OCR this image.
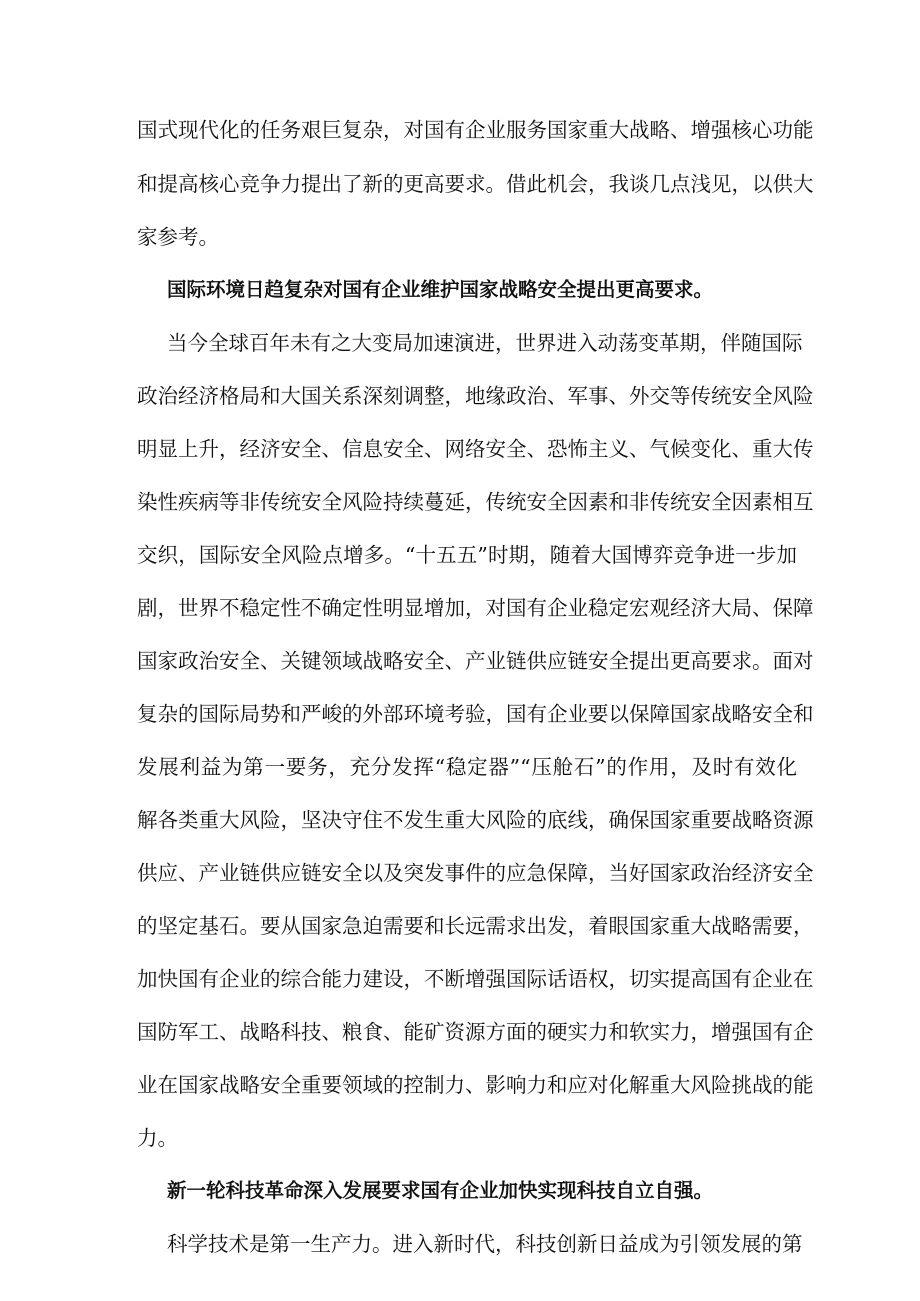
国式现代化的任务艰巨复杂，对国有企业服务国家重大战略、增强核心功能

和提高核心竞争力提出了新的更高要求。借此机会，我谈几点浅见，以供大

家参考。

国际环境日趋复杂对国有企业维护国家战略安全提出更高要求。

当今全球百年未有之大变局加速演进，世界进入动荡变革期，伴随国际

政治经济格局和大国关系深刻调整，地缘政治、军事、外交等传统安全风险

明显上升，经济安全、信息安全、网络安全、恐怖主义、气候变化、重大传

染性疾病等非传统安全风险持续蔓延，传统安全因素和非传统安全因素相互

交织，国际安全风险点增多。“十五五”时期，随着大国博弈竞争进一步加

剧，世界不稳定性不确定性明显增加，对国有企业稳定宏观经济大局、保障

国家政治安全、关键领域战略安全、产业链供应链安全提出更高要求。面对

复杂的国际局势和严峻的外部环境考验，国有企业要以保障国家战略安全和

发展利益为第一要务，充分发挥“稳定器”“压舱石”的作用，及时有效化

解各类重大风险，坚决守住不发生重大风险的底线，确保国家重要战略资源

供应、产业链供应链安全以及突发事件的应急保障，当好国家政治经济安全

的坚定基石。要从国家急迫需要和长远需求出发，着眼国家重大战略需要，

加快国有企业的综合能力建设，不断增强国际话语权，切实提高国有企业在

国防军工、战略科技、粮食、能矿资源方面的硬实力和软实力，增强国有企

业在国家战略安全重要领域的控制力、影响力和应对化解重大风险挑战的能

力。

新一轮科技革命深入发展要求国有企业加快实现科技自立自强。

科学技术是第一生产力。进入新时代，科技创新日益成为引领发展的第
